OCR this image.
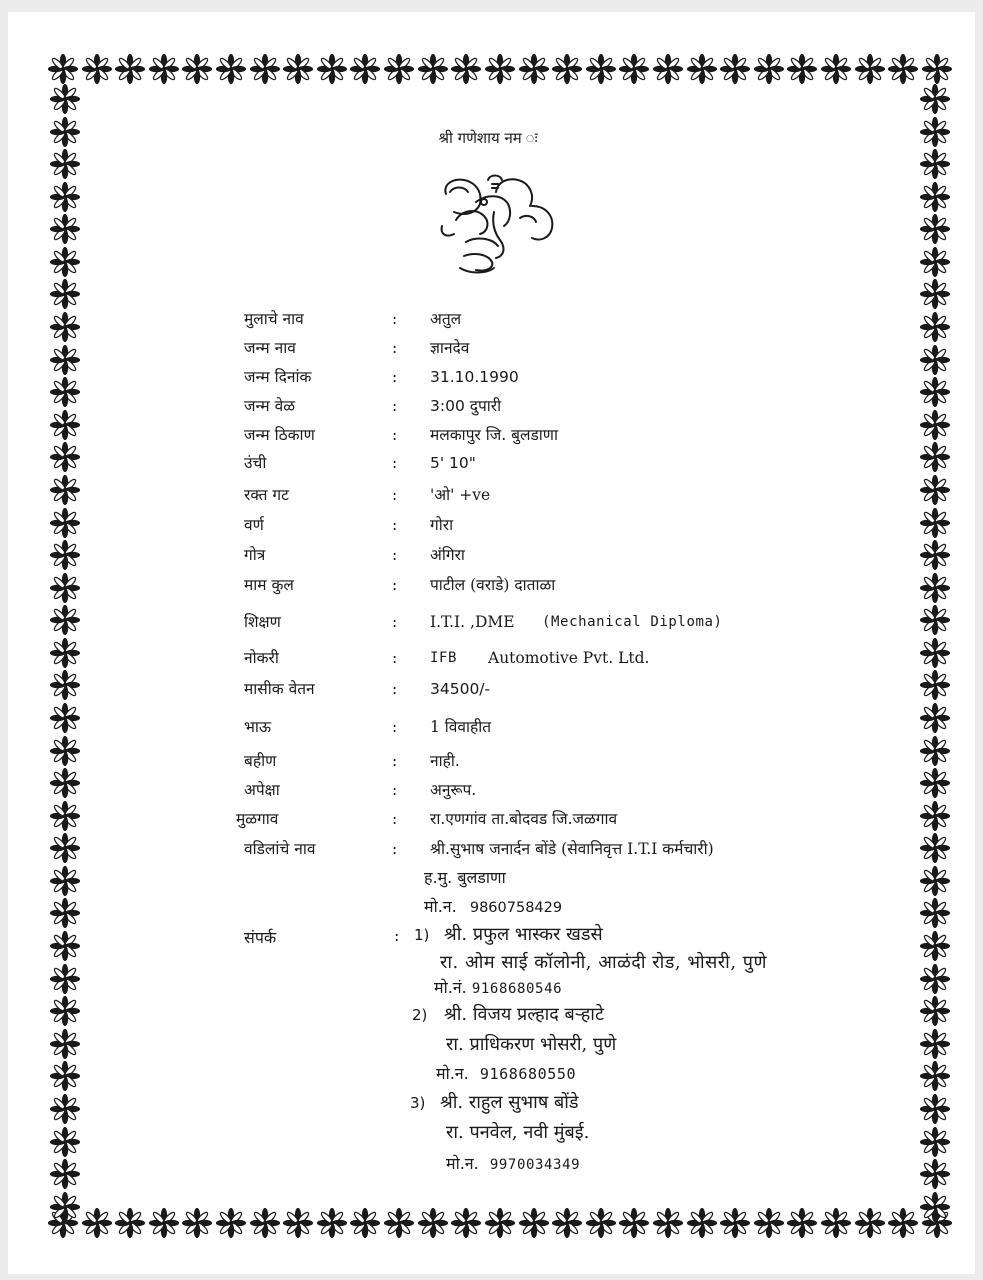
श्री गणेशाय नम ः
मुलाचे नाव	: अतुल
जन्म नाव	: ज्ञानदेव
जन्म दिनांक	: 31.10.1990
जन्म वेळ	: 3:00 दुपारी
जन्म ठिकाण	: मलकापुर जि. बुलडाणा
उंची	: 5' 10"
रक्त गट	: 'ओ' +ve
वर्ण	: गोरा
गोत्र	: अंगिरा
माम कुल	: पाटील (वराडे) दाताळा
शिक्षण	: I.T.I. ,DME (Mechanical Diploma)
नोकरी	: IFB Automotive Pvt. Ltd.
मासीक वेतन	: 34500/-
भाऊ	: 1 विवाहीत
बहीण	: नाही.
अपेक्षा	: अनुरूप.
मुळगाव	: रा.एणगांव ता.बोदवड जि.जळगाव
वडिलांचे नाव	: श्री.सुभाष जनार्दन बोंडे (सेवानिवृत्त I.T.I कर्मचारी)
ह.मु. बुलडाणा
मो.न. 9860758429
संपर्क	: 1) श्री. प्रफुल भास्कर खडसे
रा. ओम साई कॉलोनी, आळंदी रोड, भोसरी, पुणे
मो.नं. 9168680546
2) श्री. विजय प्रल्हाद बऱ्हाटे
रा. प्राधिकरण भोसरी, पुणे
मो.न. 9168680550
3) श्री. राहुल सुभाष बोंडे
रा. पनवेल, नवी मुंबई.
मो.न. 9970034349
